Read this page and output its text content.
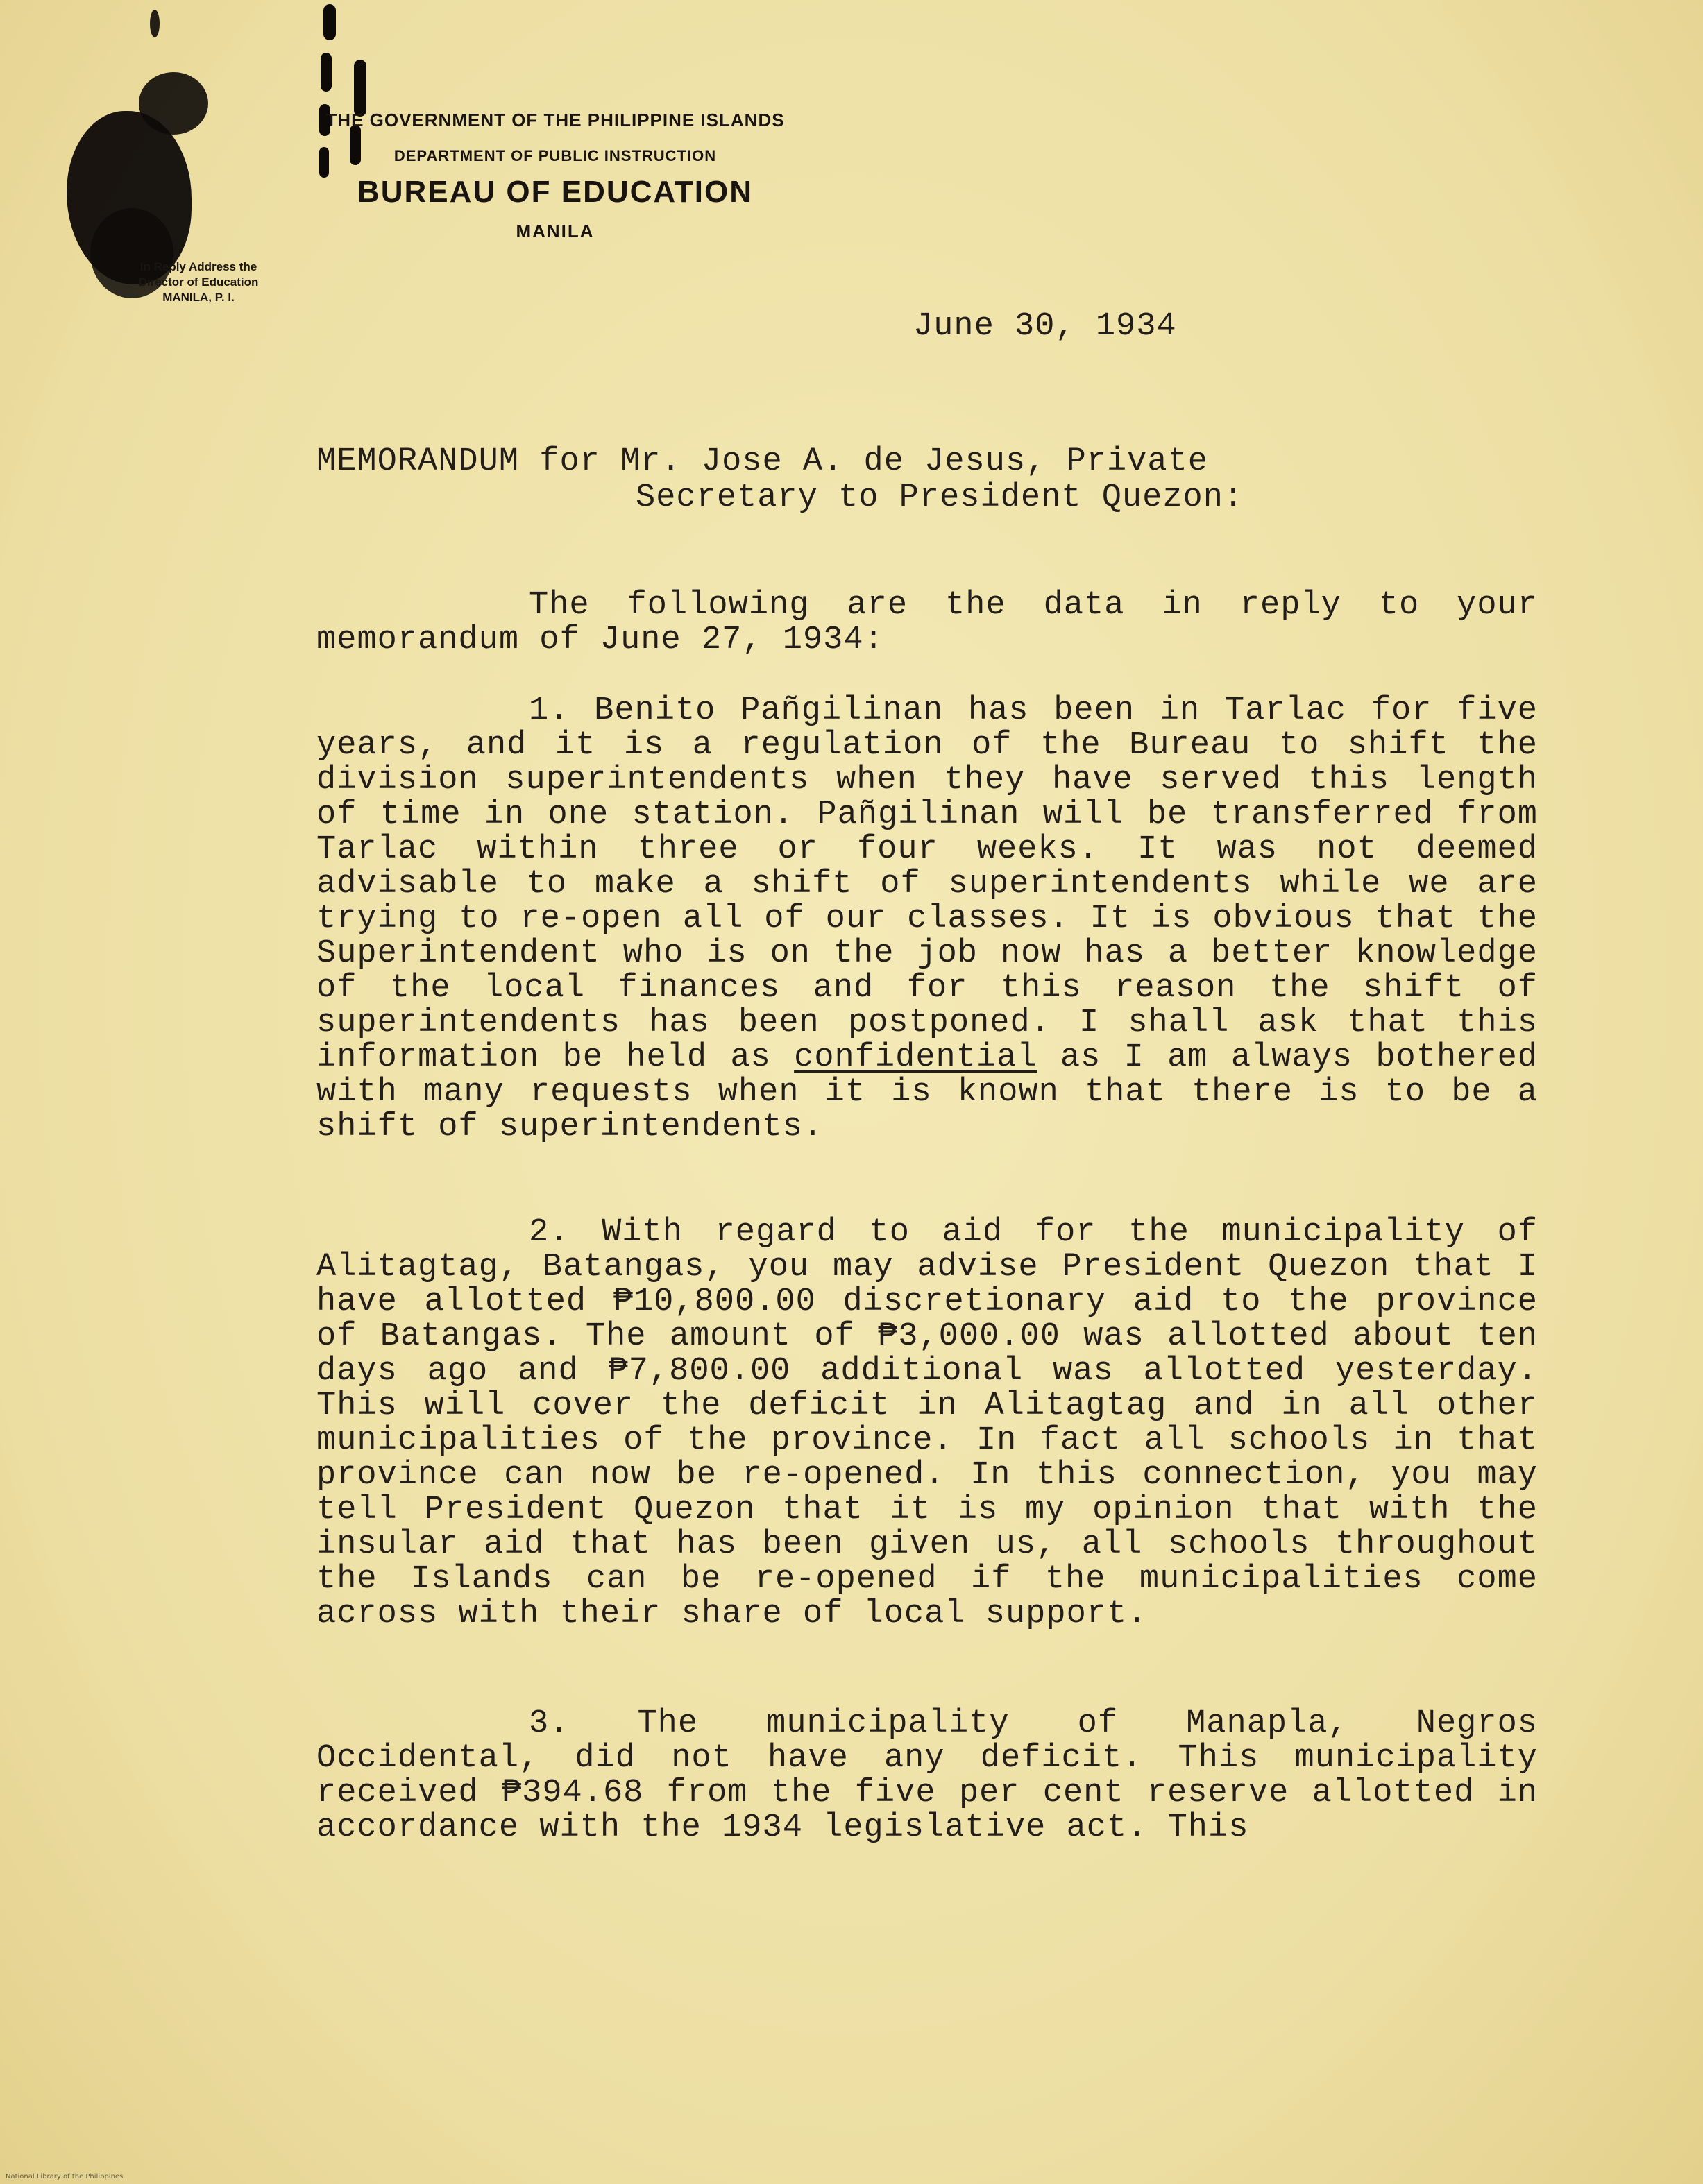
THE GOVERNMENT OF THE PHILIPPINE ISLANDS
DEPARTMENT OF PUBLIC INSTRUCTION
BUREAU OF EDUCATION
MANILA
In Reply Address the
Director of Education
MANILA, P. I.
June 30, 1934
MEMORANDUM for Mr. Jose A. de Jesus, Private
Secretary to President Quezon:

The following are the data in reply to your memorandum of June 27, 1934:

1. Benito Pañgilinan has been in Tarlac for five years, and it is a regulation of the Bureau to shift the division superintendents when they have served this length of time in one station. Pañgilinan will be transferred from Tarlac within three or four weeks. It was not deemed advisable to make a shift of superintendents while we are trying to re-open all of our classes. It is obvious that the Superintendent who is on the job now has a better knowledge of the local finances and for this reason the shift of superintendents has been postponed. I shall ask that this information be held as confidential as I am always bothered with many requests when it is known that there is to be a shift of superintendents.

2. With regard to aid for the municipality of Alitagtag, Batangas, you may advise President Quezon that I have allotted ₱10,800.00 discretionary aid to the province of Batangas. The amount of ₱3,000.00 was allotted about ten days ago and ₱7,800.00 additional was allotted yesterday. This will cover the deficit in Alitagtag and in all other municipalities of the province. In fact all schools in that province can now be re-opened. In this connection, you may tell President Quezon that it is my opinion that with the insular aid that has been given us, all schools throughout the Islands can be re-opened if the municipalities come across with their share of local support.

3. The municipality of Manapla, Negros Occidental, did not have any deficit. This municipality received ₱394.68 from the five per cent reserve allotted in accordance with the 1934 legislative act. This

National Library of the Philippines
